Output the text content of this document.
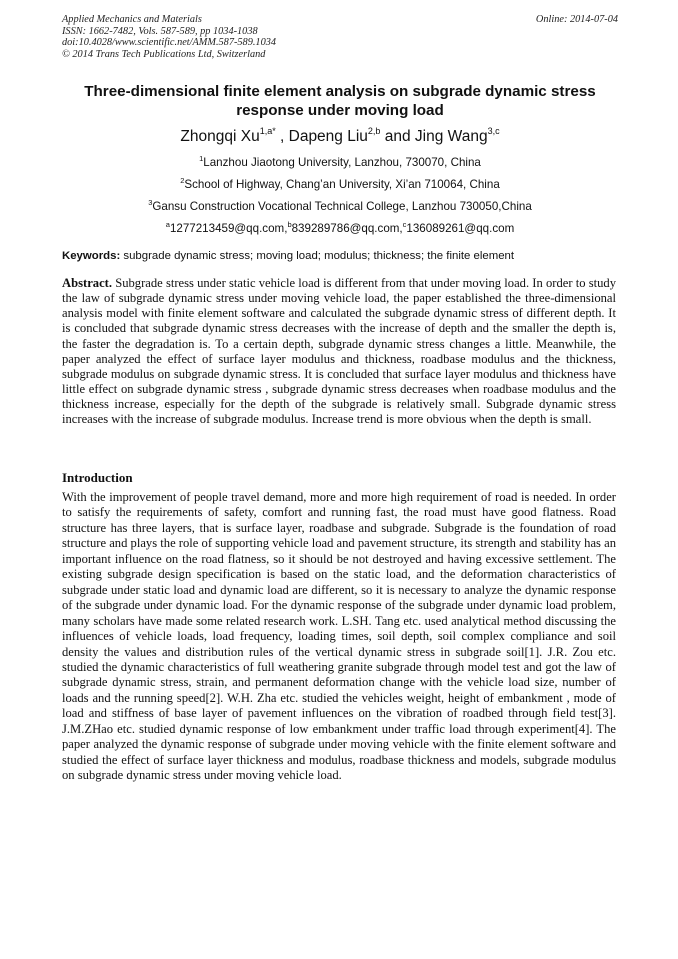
Applied Mechanics and Materials
ISSN: 1662-7482, Vols. 587-589, pp 1034-1038
doi:10.4028/www.scientific.net/AMM.587-589.1034
© 2014 Trans Tech Publications Ltd, Switzerland
Online: 2014-07-04
Three-dimensional finite element analysis on subgrade dynamic stress response under moving load
Zhongqi $Xu^{1,a*}$ , Dapeng Liu$^{2,b}$ and Jing Wang$^{3,c}$
$^1$Lanzhou Jiaotong University, Lanzhou, 730070, China
$^2$School of Highway, Chang’an University, Xi’an 710064, China
$^3$Gansu Construction Vocational Technical College, Lanzhou 730050,China
$^a$1277213459@qq.com,$^b$839289786@qq.com,$^c$136089261@qq.com
Keywords: subgrade dynamic stress; moving load; modulus; thickness; the finite element
Abstract. Subgrade stress under static vehicle load is different from that under moving load. In order to study the law of subgrade dynamic stress under moving vehicle load, the paper established the three-dimensional analysis model with finite element software and calculated the subgrade dynamic stress of different depth. It is concluded that subgrade dynamic stress decreases with the increase of depth and the smaller the depth is, the faster the degradation is. To a certain depth, subgrade dynamic stress changes a little. Meanwhile, the paper analyzed the effect of surface layer modulus and thickness, roadbase modulus and the thickness, subgrade modulus on subgrade dynamic stress. It is concluded that surface layer modulus and thickness have little effect on subgrade dynamic stress , subgrade dynamic stress decreases when roadbase modulus and the thickness increase, especially for the depth of the subgrade is relatively small. Subgrade dynamic stress increases with the increase of subgrade modulus. Increase trend is more obvious when the depth is small.
Introduction
With the improvement of people travel demand, more and more high requirement of road is needed. In order to satisfy the requirements of safety, comfort and running fast, the road must have good flatness. Road structure has three layers, that is surface layer, roadbase and subgrade. Subgrade is the foundation of road structure and plays the role of supporting vehicle load and pavement structure, its strength and stability has an important influence on the road flatness, so it should be not destroyed and having excessive settlement. The existing subgrade design specification is based on the static load, and the deformation characteristics of subgrade under static load and dynamic load are different, so it is necessary to analyze the dynamic response of the subgrade under dynamic load. For the dynamic response of the subgrade under dynamic load problem, many scholars have made some related research work. L.SH. Tang etc. used analytical method discussing the influences of vehicle loads, load frequency, loading times, soil depth, soil complex compliance and soil density the values and distribution rules of the vertical dynamic stress in subgrade soil[1]. J.R. Zou etc. studied the dynamic characteristics of full weathering granite subgrade through model test and got the law of subgrade dynamic stress, strain, and permanent deformation change with the vehicle load size, number of loads and the running speed[2]. W.H. Zha etc. studied the vehicles weight, height of embankment , mode of load and stiffness of base layer of pavement influences on the vibration of roadbed through field test[3]. J.M.ZHao etc. studied dynamic response of low embankment under traffic load through experiment[4]. The paper analyzed the dynamic response of subgrade under moving vehicle with the finite element software and studied the effect of surface layer thickness and modulus, roadbase thickness and models, subgrade modulus on subgrade dynamic stress under moving vehicle load.
